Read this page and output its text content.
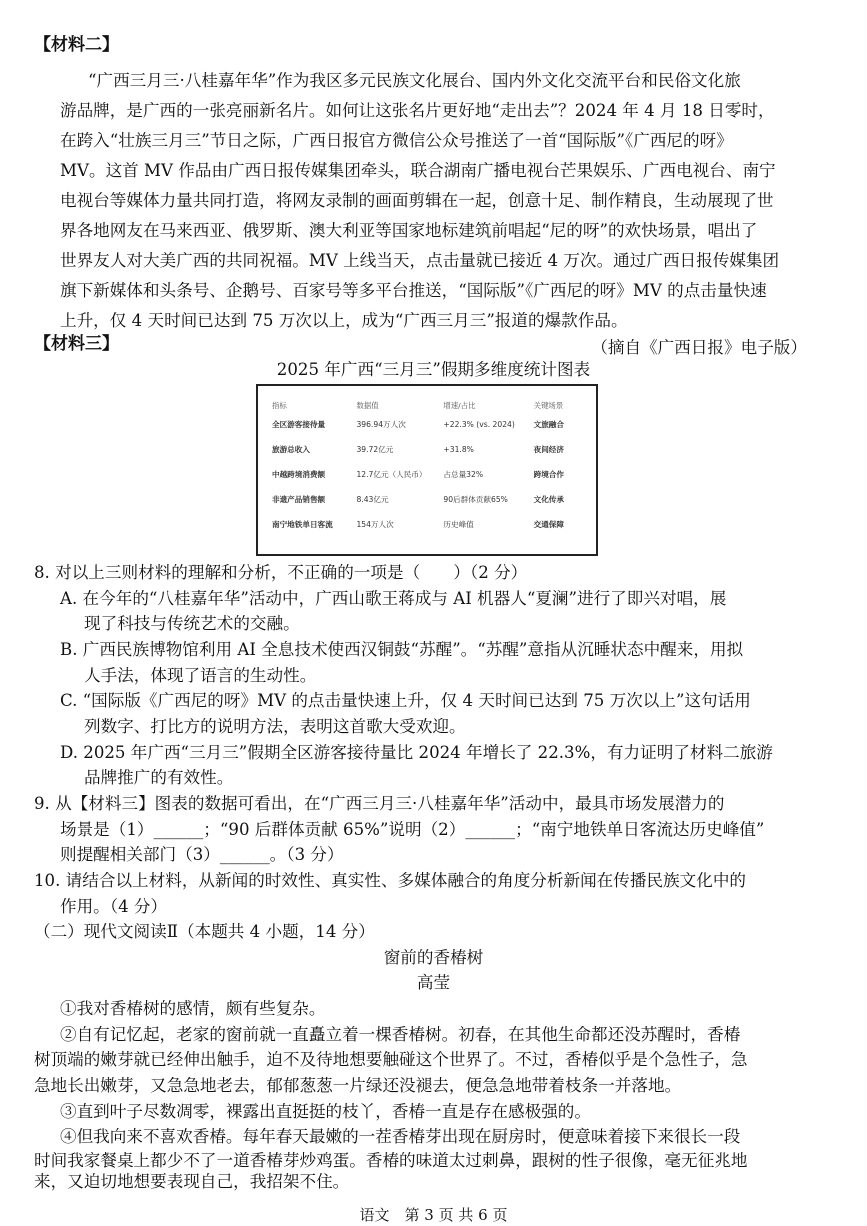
【材料二】
“广西三月三·八桂嘉年华”作为我区多元民族文化展台、国内外文化交流平台和民俗文化旅
游品牌，是广西的一张亮丽新名片。如何让这张名片更好地“走出去”？2024 年 4 月 18 日零时，
在跨入“壮族三月三”节日之际，广西日报官方微信公众号推送了一首“国际版”《广西尼的呀》
MV。这首 MV 作品由广西日报传媒集团牵头，联合湖南广播电视台芒果娱乐、广西电视台、南宁
电视台等媒体力量共同打造，将网友录制的画面剪辑在一起，创意十足、制作精良，生动展现了世
界各地网友在马来西亚、俄罗斯、澳大利亚等国家地标建筑前唱起“尼的呀”的欢快场景，唱出了
世界友人对大美广西的共同祝福。MV 上线当天，点击量就已接近 4 万次。通过广西日报传媒集团
旗下新媒体和头条号、企鹅号、百家号等多平台推送，“国际版”《广西尼的呀》MV 的点击量快速
上升，仅 4 天时间已达到 75 万次以上，成为“广西三月三”报道的爆款作品。
（摘自《广西日报》电子版）
【材料三】
2025 年广西“三月三”假期多维度统计图表
指标	数据值	增速/占比	关键场景
全区游客接待量	396.94万人次	+22.3% (vs. 2024)	文旅融合
旅游总收入	39.72亿元	+31.8%	夜间经济
中越跨境消费额	12.7亿元（人民币）	占总量32%	跨境合作
非遗产品销售额	8.43亿元	90后群体贡献65%	文化传承
南宁地铁单日客流	154万人次	历史峰值	交通保障
8. 对以上三则材料的理解和分析，不正确的一项是（　　）（2 分）
A. 在今年的“八桂嘉年华”活动中，广西山歌王蒋成与 AI 机器人“夏澜”进行了即兴对唱，展
现了科技与传统艺术的交融。
B. 广西民族博物馆利用 AI 全息技术使西汉铜鼓“苏醒”。“苏醒”意指从沉睡状态中醒来，用拟
人手法，体现了语言的生动性。
C. “国际版《广西尼的呀》MV 的点击量快速上升，仅 4 天时间已达到 75 万次以上”这句话用
列数字、打比方的说明方法，表明这首歌大受欢迎。
D. 2025 年广西“三月三”假期全区游客接待量比 2024 年增长了 22.3%，有力证明了材料二旅游
品牌推广的有效性。
9. 从【材料三】图表的数据可看出，在“广西三月三·八桂嘉年华”活动中，最具市场发展潜力的
场景是（1）______；“90 后群体贡献 65%”说明（2）______；“南宁地铁单日客流达历史峰值”
则提醒相关部门（3）______。（3 分）
10. 请结合以上材料，从新闻的时效性、真实性、多媒体融合的角度分析新闻在传播民族文化中的
作用。（4 分）
（二）现代文阅读Ⅱ（本题共 4 小题，14 分）
窗前的香椿树
高莹
①我对香椿树的感情，颇有些复杂。
②自有记忆起，老家的窗前就一直矗立着一棵香椿树。初春，在其他生命都还没苏醒时，香椿
树顶端的嫩芽就已经伸出触手，迫不及待地想要触碰这个世界了。不过，香椿似乎是个急性子，急
急地长出嫩芽，又急急地老去，郁郁葱葱一片绿还没褪去，便急急地带着枝条一并落地。
③直到叶子尽数凋零，裸露出直挺挺的枝丫，香椿一直是存在感极强的。
④但我向来不喜欢香椿。每年春天最嫩的一茬香椿芽出现在厨房时，便意味着接下来很长一段
时间我家餐桌上都少不了一道香椿芽炒鸡蛋。香椿的味道太过刺鼻，跟树的性子很像，毫无征兆地
来，又迫切地想要表现自己，我招架不住。
语文　第 3 页 共 6 页
